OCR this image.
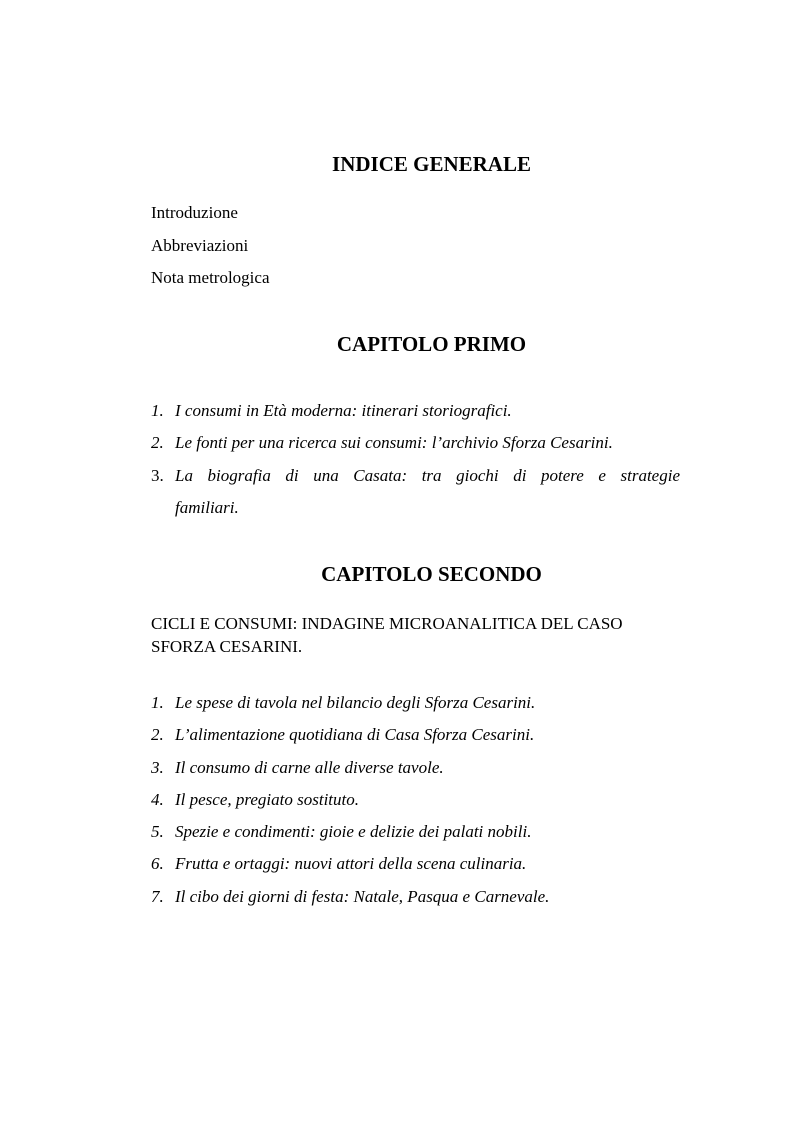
INDICE GENERALE
Introduzione
Abbreviazioni
Nota metrologica
CAPITOLO PRIMO
1. I consumi in Età moderna: itinerari storiografici.
2. Le fonti per una ricerca sui consumi: l’archivio Sforza Cesarini.
3. La biografia di una Casata: tra giochi di potere e strategie
familiari.
CAPITOLO SECONDO

CICLI E CONSUMI: INDAGINE MICROANALITICA DEL CASO
SFORZA CESARINI.

1. Le spese di tavola nel bilancio degli Sforza Cesarini.
2. L’alimentazione quotidiana di Casa Sforza Cesarini.
3. Il consumo di carne alle diverse tavole.
4. Il pesce, pregiato sostituto.
5. Spezie e condimenti: gioie e delizie dei palati nobili.
6. Frutta e ortaggi: nuovi attori della scena culinaria.
7. Il cibo dei giorni di festa: Natale, Pasqua e Carnevale.
